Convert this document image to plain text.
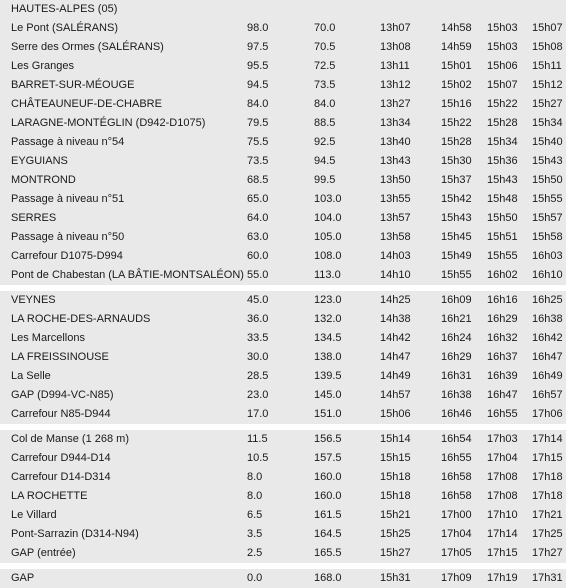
HAUTES-ALPES (05)
Le Pont (SALÉRANS)	98.0	70.0	13h07	14h58 15h03 15h07
Serre des Ormes (SALÉRANS)	97.5	70.5	13h08	14h59 15h03 15h08
Les Granges	95.5	72.5	13h11	15h01 15h06 15h11
BARRET-SUR-MÉOUGE	94.5	73.5	13h12	15h02 15h07 15h12
CHÂTEAUNEUF-DE-CHABRE	84.0	84.0	13h27	15h16 15h22 15h27
LARAGNE-MONTÉGLIN (D942-D1075)	79.5	88.5	13h34	15h22 15h28 15h34
Passage à niveau n°54	75.5	92.5	13h40	15h28 15h34 15h40
EYGUIANS	73.5	94.5	13h43	15h30 15h36 15h43
MONTROND	68.5	99.5	13h50	15h37 15h43 15h50
Passage à niveau n°51	65.0	103.0	13h55	15h42 15h48 15h55
SERRES	64.0	104.0	13h57	15h43 15h50 15h57
Passage à niveau n°50	63.0	105.0	13h58	15h45 15h51 15h58
Carrefour D1075-D994	60.0	108.0	14h03	15h49 15h55 16h03
Pont de Chabestan (LA BÂTIE-MONTSALÉON) 55.0	113.0	14h10	15h55 16h02 16h10
VEYNES	45.0	123.0	14h25	16h09 16h16 16h25
LA ROCHE-DES-ARNAUDS	36.0	132.0	14h38	16h21 16h29 16h38
Les Marcellons	33.5	134.5	14h42	16h24 16h32 16h42
LA FREISSINOUSE	30.0	138.0	14h47	16h29 16h37 16h47
La Selle	28.5	139.5	14h49	16h31 16h39 16h49
GAP (D994-VC-N85)	23.0	145.0	14h57	16h38 16h47 16h57
Carrefour N85-D944	17.0	151.0	15h06	16h46 16h55 17h06
Col de Manse (1 268 m)	11.5	156.5	15h14	16h54 17h03 17h14
Carrefour D944-D14	10.5	157.5	15h15	16h55 17h04 17h15
Carrefour D14-D314	8.0	160.0	15h18	16h58 17h08 17h18
LA ROCHETTE	8.0	160.0	15h18	16h58 17h08 17h18
Le Villard	6.5	161.5	15h21	17h00 17h10 17h21
Pont-Sarrazin (D314-N94)	3.5	164.5	15h25	17h04 17h14 17h25
GAP (entrée)	2.5	165.5	15h27	17h05 17h15 17h27
GAP	0.0	168.0	15h31	17h09 17h19 17h31
